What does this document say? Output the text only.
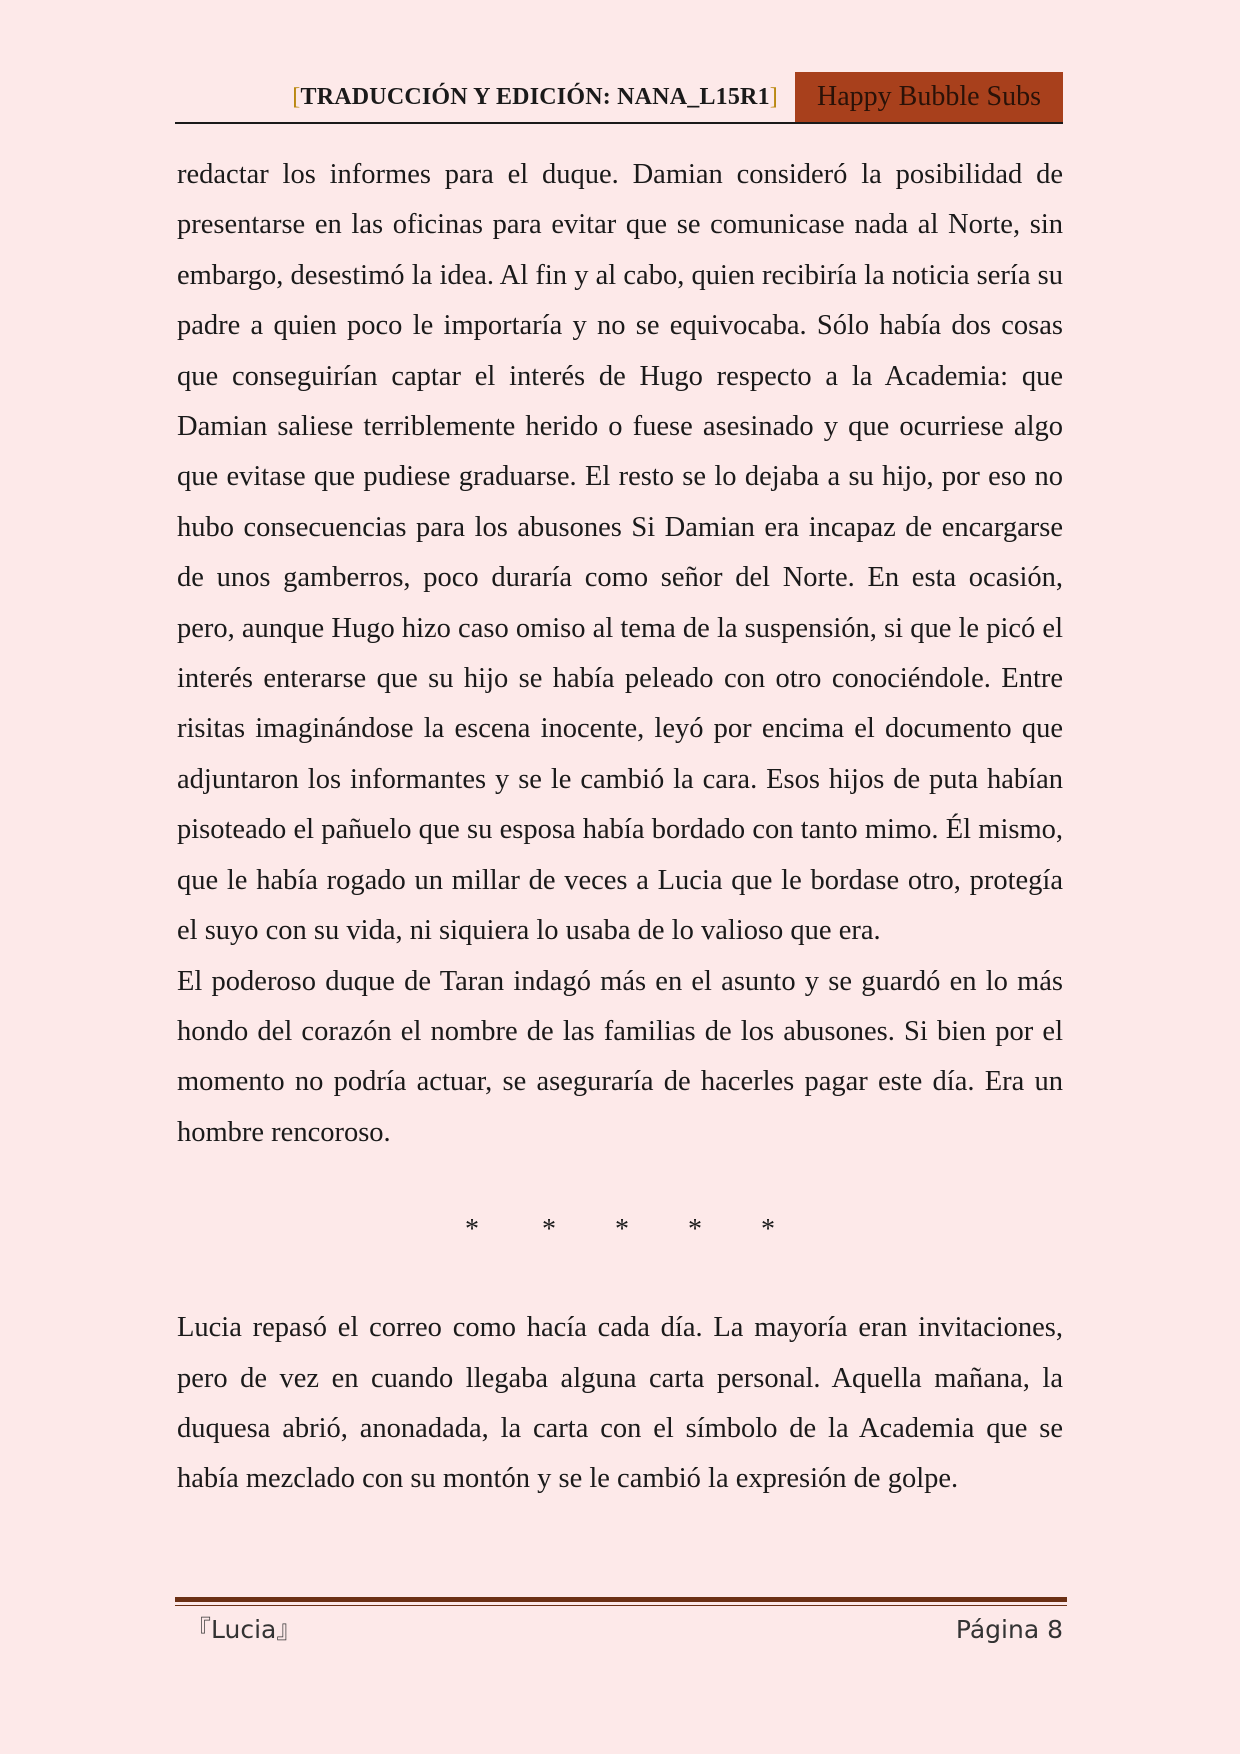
[TRADUCCIÓN Y EDICIÓN: NANA_L15R1]	Happy Bubble Subs

redactar los informes para el duque. Damian consideró la posibilidad de presentarse en las oficinas para evitar que se comunicase nada al Norte, sin embargo, desestimó la idea. Al fin y al cabo, quien recibiría la noticia sería su padre a quien poco le importaría y no se equivocaba. Sólo había dos cosas que conseguirían captar el interés de Hugo respecto a la Academia: que Damian saliese terriblemente herido o fuese asesinado y que ocurriese algo que evitase que pudiese graduarse. El resto se lo dejaba a su hijo, por eso no hubo consecuencias para los abusones Si Damian era incapaz de encargarse de unos gamberros, poco duraría como señor del Norte. En esta ocasión, pero, aunque Hugo hizo caso omiso al tema de la suspensión, si que le picó el interés enterarse que su hijo se había peleado con otro conociéndole. Entre risitas imaginándose la escena inocente, leyó por encima el documento que adjuntaron los informantes y se le cambió la cara. Esos hijos de puta habían pisoteado el pañuelo que su esposa había bordado con tanto mimo. Él mismo, que le había rogado un millar de veces a Lucia que le bordase otro, protegía el suyo con su vida, ni siquiera lo usaba de lo valioso que era.

El poderoso duque de Taran indagó más en el asunto y se guardó en lo más hondo del corazón el nombre de las familias de los abusones. Si bien por el momento no podría actuar, se aseguraría de hacerles pagar este día. Era un hombre rencoroso.

* * * * *

Lucia repasó el correo como hacía cada día. La mayoría eran invitaciones, pero de vez en cuando llegaba alguna carta personal. Aquella mañana, la duquesa abrió, anonadada, la carta con el símbolo de la Academia que se había mezclado con su montón y se le cambió la expresión de golpe.

『Lucia』	Página 8
